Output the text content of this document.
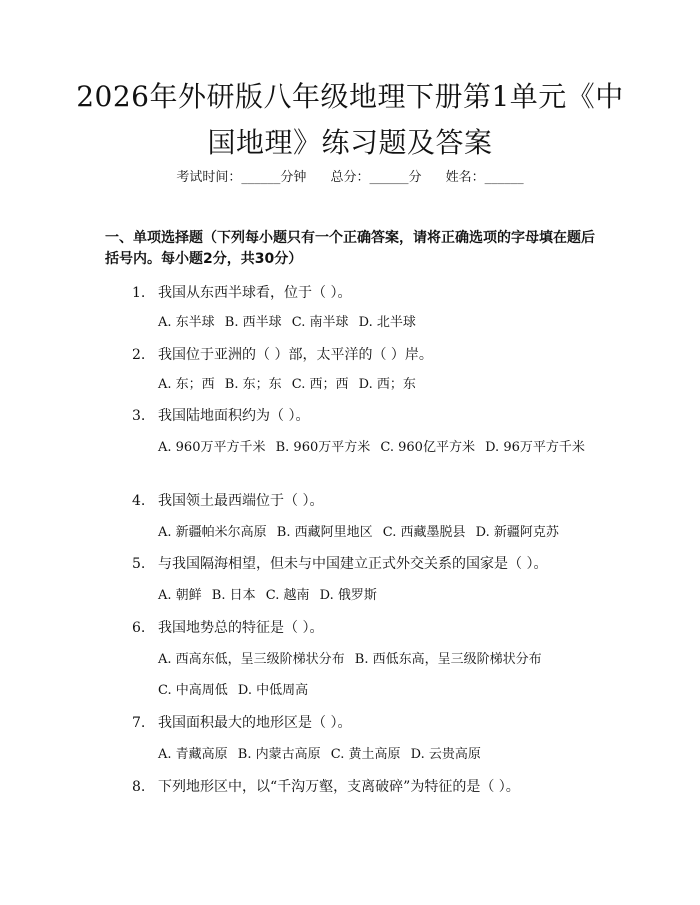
2026年外研版八年级地理下册第1单元《中国地理》练习题及答案
考试时间：______分钟 总分：______分 姓名：______

一、单项选择题（下列每小题只有一个正确答案，请将正确选项的字母填在题后括号内。每小题2分，共30分）

1. 我国从东西半球看，位于（ ）。
A. 东半球 B. 西半球 C. 南半球 D. 北半球
2. 我国位于亚洲的（ ）部，太平洋的（ ）岸。
A. 东；西 B. 东；东 C. 西；西 D. 西；东
3. 我国陆地面积约为（ ）。
A. 960万平方千米 B. 960万平方米 C. 960亿平方米 D. 96万平方千米
4. 我国领土最西端位于（ ）。
A. 新疆帕米尔高原 B. 西藏阿里地区 C. 西藏墨脱县 D. 新疆阿克苏
5. 与我国隔海相望，但未与中国建立正式外交关系的国家是（ ）。
A. 朝鲜 B. 日本 C. 越南 D. 俄罗斯
6. 我国地势总的特征是（ ）。
A. 西高东低，呈三级阶梯状分布 B. 西低东高，呈三级阶梯状分布
C. 中高周低 D. 中低周高
7. 我国面积最大的地形区是（ ）。
A. 青藏高原 B. 内蒙古高原 C. 黄土高原 D. 云贵高原
8. 下列地形区中，以“千沟万壑，支离破碎”为特征的是（ ）。
